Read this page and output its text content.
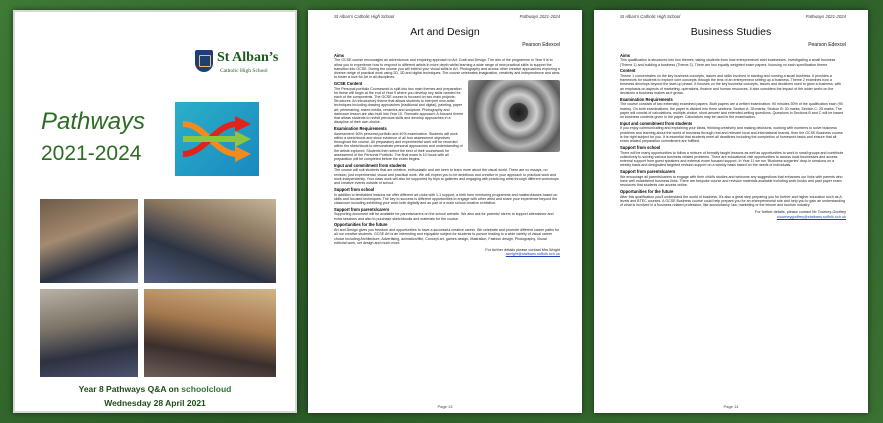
St Alban’s
Catholic High School
Pathways
2021-2024
Year 8 Pathways Q&A on schoolcloud
Wednesday 28 April 2021
St Alban’s Catholic High School	Pathways 2021-2024
Art and Design
Pearson Edexcel
Aims

The GCSE course encourages an adventurous and enquiring approach to Art, Craft and Design. The aim of the programme in Year 9 is to allow you to experience how to respond to different artists in more depth whilst learning a wide range of new practical skills to support the transition into GCSE. During the course you will extend your visual skills in Art, Photography and across other creative approaches exploring a diverse range of practical work using 2D, 3D and digital techniques. The course celebrates imagination, creativity and independence and aims to foster a love for Art in all disciplines.

GCSE Content

The Personal portfolio Coursework is split into two main themes and preparation for these will begin at the end of Year 9 where you develop key skills needed for each of the components. The GCSE course is focused on two main projects: Structures: An introductory theme that allows students to interpret new artist techniques including drawing approaches (traditional and digital), painting, paper art, printmaking, mixed media, ceramics and sculpture. Photography and darkroom lesson are also built into Year 10. Thematic approach: A focused theme that allows students to revisit previous skills and develop approaches in a discipline of their own choice.

Examination Requirements

Assessment: 60% personal portfolio and 40% examination. Students will work within a sketchbook and show evidence of all four assessment objectives throughout the course. All preparatory and experimental work will be recorded within the sketchbook to demonstrate personal approaches and understanding of the artists explored. Students then select the best of their coursework for assessment of the Personal Portfolio. The final exam is 10 hours with all preparation will be completed before the exam begins.

Input and commitment from students

The course will suit students that are creative, enthusiastic and are keen to learn more about the visual world. There are no essays, no revision, just experimental, visual and practical work. We will expect you to be ambitious and creative in your approach to practical work and work independently. Your class work will also be supported by trips to galleries and engaging with practicing artist through different workshops and creative events outside of school.

Support from school

In addition to timetabled lessons we offer different art clubs with 1-1 support, a birth form mentoring programme and masterclasses based on skills and focused techniques. The key to success is different opportunities to engage with other artist and share your experience beyond the classroom including exhibiting your work both digitally and as part of a main school creative exhibition.

Support from parents/carers

Supporting document will be available for parents/carers on the school website. We also ask for parents/ carers to support attendance and extra sessions and also to purchase sketchbooks and materials for the course.

Opportunities for the future

Art and Design gives you freedom and opportunities to have a successful creative career. We celebrate and promote different career paths for all our creative students. GCSE Art is an interesting and enjoyable subject for students to pursue leading to a wide variety of visual career choice including Architecture, Advertising, animation/film, Concept art, games design, illustration, Fashion design, Photography, Visual editorial work, set design and much more.

For further details please contact Mrs Wright
awright@stalbans.suffolk.sch.uk
Page 13
St Alban’s Catholic High School	Pathways 2021-2024
Business Studies
Pearson Edexcel
Aims

This qualification is structured into two themes, taking students from how entrepreneurs start businesses, investigating a small business (Theme 1) and building a business (Theme 2). There are two equally weighted exam papers, focusing on each specification theme.

Content

Theme 1 concentrates on the key business concepts, issues and skills involved in starting and running a small business. It provides a framework for students to explore core concepts through the lens of an entrepreneur setting up a business. Theme 2 examines how a business develops beyond the start-up phase. It focuses on the key business concepts, issues and decisions used to grow a business, with an emphasis on aspects of marketing, operations, finance and human resources. It also considers the impact of the wider world on the decisions a business makes as it grows.

Examination Requirements

The course consists of two externally examined papers. Both papers are a written examination: 90 minutes 50% of the qualification each (90 marks). On both examinations, the paper is divided into three sections: Section A: 35 marks; Section B: 30 marks; Section C: 25 marks. The paper will consist of calculations, multiple-choice, short-answer and extended-writing questions. Questions in Sections B and C will be based on business contexts given in the paper. Calculators may be used in the examination.

Input and commitment from students

If you enjoy communicating and explaining your ideas, thinking creatively and making decisions, working with numbers to solve business problems and learning about the world of business through real and relevant local and international brands, then the GCSE Business course is the right subject for you. It is essential that students meet all deadlines including the completion of homework tasks and ensure that all exam related preparation commitment are fulfilled.

Support from school

There will be many opportunities to follow a mixture of formally taught lessons as well as opportunities to work in small groups and contribute collectively to solving various business related problems. There are educational visit opportunities to access local businesses and access external support from guest speakers and external exam focused support. In Year 11 we run ‘Business surgeries’ drop-in sessions on a weekly basis and designated targeted revision support on a weekly basis based on the needs of individuals.

Support from parents/carers

We encourage all parents/carers to engage with their child's studies and welcome any suggestions that enhances our links with parents who have well established business links. There are bespoke course and revision materials available including work books and past paper exam resources that students can access online.

Opportunities for the future

After this qualification you'll understand the world of business. It's also a great step preparing you for further and higher education such as A levels and BTEC courses. A GCSE Business course could help prepare you for an entrepreneurial role and help you to gain an understanding of what is involved in a business-related profession, like accountancy, law, marketing or the leisure and tourism industry.

For further details, please contact Mr Tourney-Godfrey
ctourneygodfrey@stalbans.suffolk.sch.uk
Page 14
